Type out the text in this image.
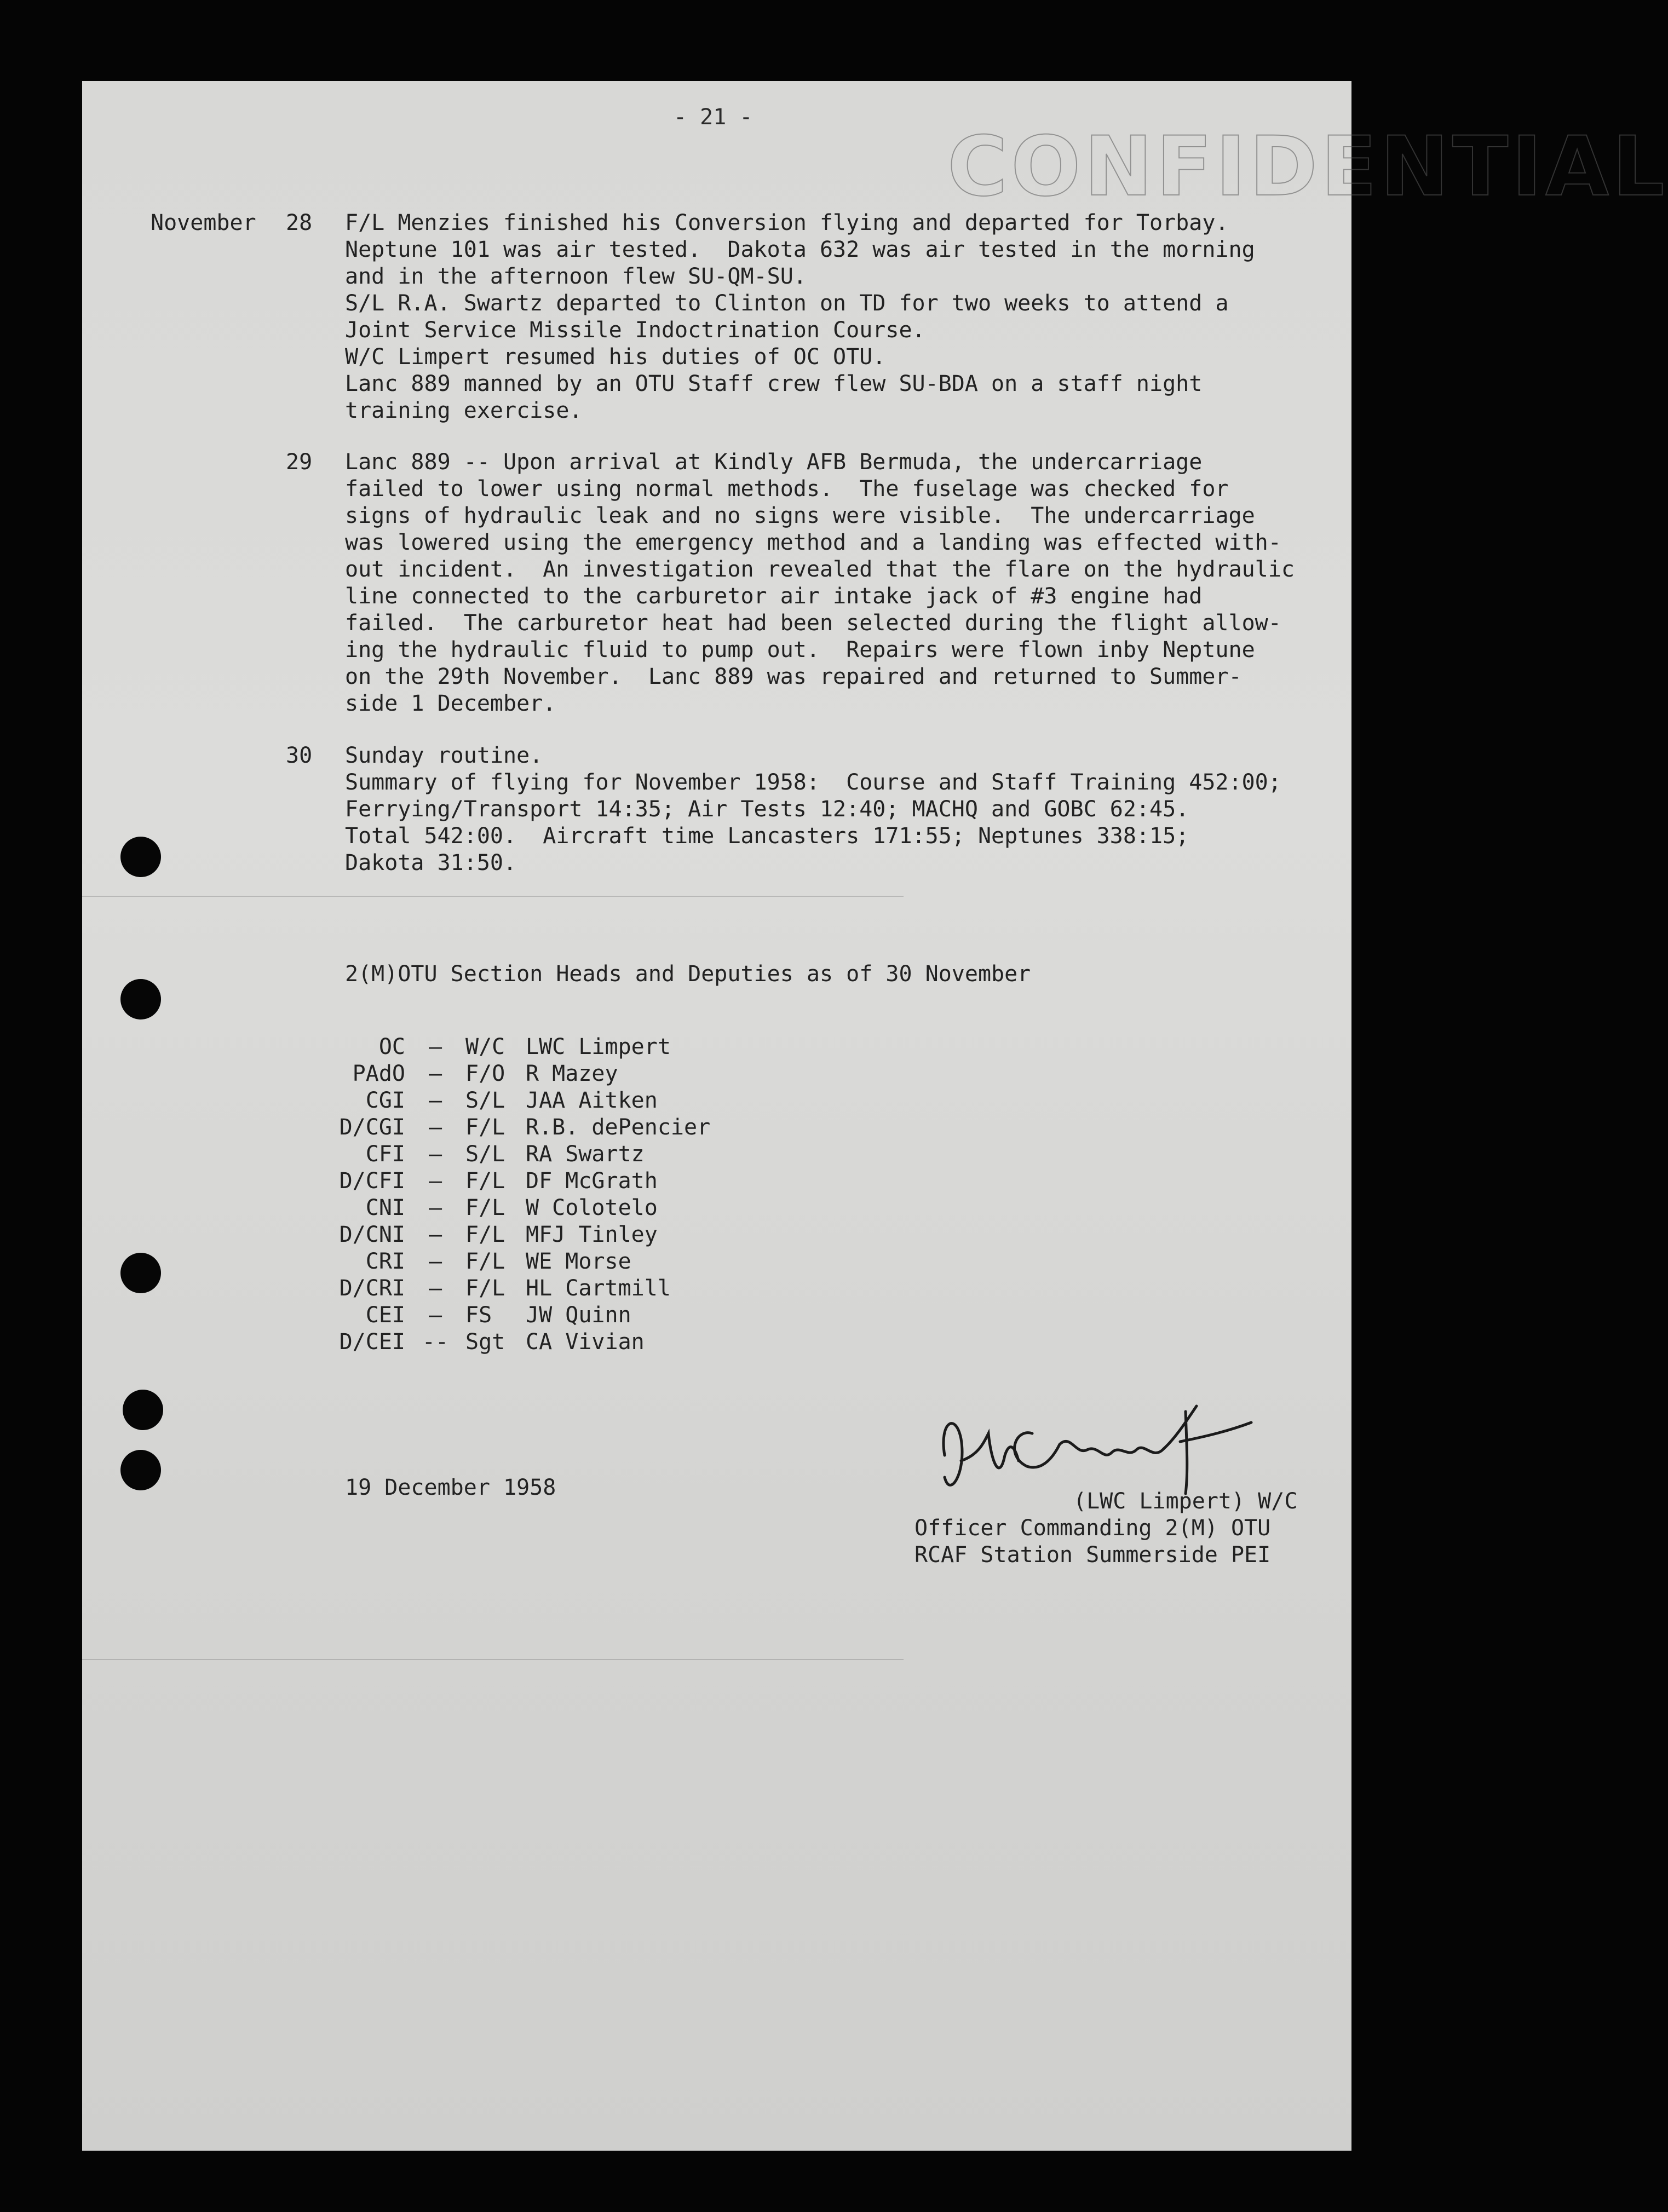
- 21 -
CONFIDENTIAL
November 28 F/L Menzies finished his Conversion flying and departed for Torbay.
Neptune 101 was air tested.  Dakota 632 was air tested in the morning
and in the afternoon flew SU-QM-SU.
S/L R.A. Swartz departed to Clinton on TD for two weeks to attend a
Joint Service Missile Indoctrination Course.
W/C Limpert resumed his duties of OC OTU.
Lanc 889 manned by an OTU Staff crew flew SU-BDA on a staff night
training exercise.
29 Lanc 889 -- Upon arrival at Kindly AFB Bermuda, the undercarriage
failed to lower using normal methods.  The fuselage was checked for
signs of hydraulic leak and no signs were visible.  The undercarriage
was lowered using the emergency method and a landing was effected with-
out incident.  An investigation revealed that the flare on the hydraulic
line connected to the carburetor air intake jack of #3 engine had
failed.  The carburetor heat had been selected during the flight allow-
ing the hydraulic fluid to pump out.  Repairs were flown inby Neptune
on the 29th November.  Lanc 889 was repaired and returned to Summer-
side 1 December.
30 Sunday routine.
Summary of flying for November 1958:  Course and Staff Training 452:00;
Ferrying/Transport 14:35; Air Tests 12:40; MACHQ and GOBC 62:45.
Total 542:00.  Aircraft time Lancasters 171:55; Neptunes 338:15;
Dakota 31:50.
2(M)OTU Section Heads and Deputies as of 30 November
OC	—	W/C LWC Limpert
PAdO	—	F/O R Mazey
CGI	—	S/L JAA Aitken
D/CGI	—	F/L R.B. dePencier
CFI	—	S/L RA Swartz
D/CFI	—	F/L DF McGrath
CNI	—	F/L W Colotelo
D/CNI	—	F/L MFJ Tinley
CRI	—	F/L WE Morse
D/CRI	—	F/L HL Cartmill
CEI	—	FS	JW Quinn
D/CEI -- Sgt CA Vivian
19 December 1958
(LWC Limpert) W/C
Officer Commanding 2(M) OTU
RCAF Station Summerside PEI
